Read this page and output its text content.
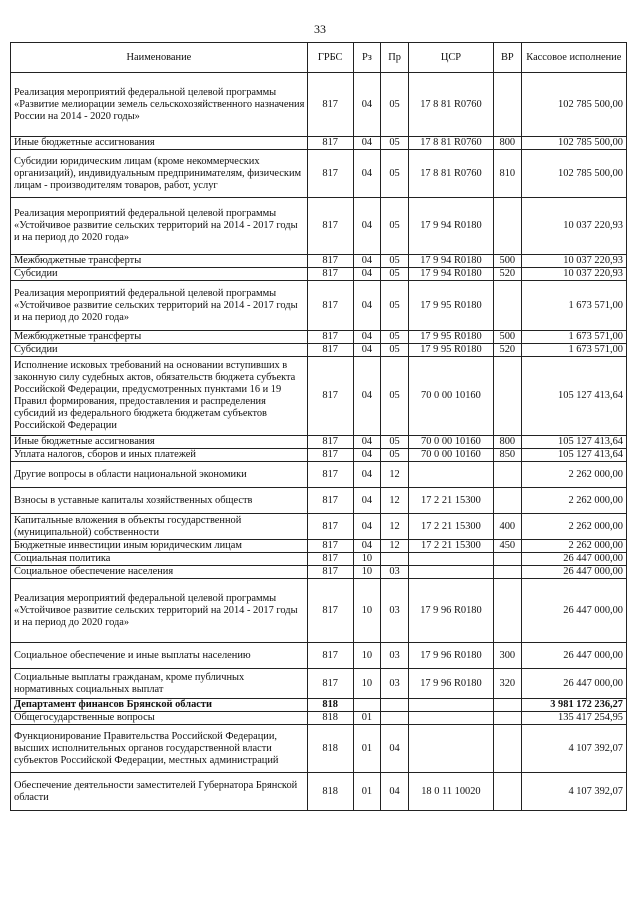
33
Наименование	ГРБС	Рз	Пр	ЦСР	ВР	Кассовое исполнение
Реализация мероприятий федеральной целевой программы «Развитие мелиорации земель сельскохозяйственного назначения России на 2014 - 2020 годы»	817	04	05	17 8 81 R0760		102 785 500,00
Иные бюджетные ассигнования	817	04	05	17 8 81 R0760	800	102 785 500,00
Субсидии юридическим лицам (кроме некоммерческих организаций), индивидуальным предпринимателям, физическим лицам - производителям товаров, работ, услуг	817	04	05	17 8 81 R0760	810	102 785 500,00
Реализация мероприятий федеральной целевой программы «Устойчивое развитие сельских территорий на 2014 - 2017 годы и на период до 2020 года»	817	04	05	17 9 94 R0180		10 037 220,93
Межбюджетные трансферты	817	04	05	17 9 94 R0180	500	10 037 220,93
Субсидии	817	04	05	17 9 94 R0180	520	10 037 220,93
Реализация мероприятий федеральной целевой программы «Устойчивое развитие сельских территорий на 2014 - 2017 годы и на период до 2020 года»	817	04	05	17 9 95 R0180		1 673 571,00
Межбюджетные трансферты	817	04	05	17 9 95 R0180	500	1 673 571,00
Субсидии	817	04	05	17 9 95 R0180	520	1 673 571,00
Исполнение исковых требований на основании вступивших в законную силу судебных актов, обязательств бюджета субъекта Российской Федерации, предусмотренных пунктами 16 и 19 Правил формирования, предоставления и распределения субсидий из федерального бюджета бюджетам субъектов Российской Федерации	817	04	05	70 0 00 10160		105 127 413,64
Иные бюджетные ассигнования	817	04	05	70 0 00 10160	800	105 127 413,64
Уплата налогов, сборов и иных платежей	817	04	05	70 0 00 10160	850	105 127 413,64
Другие вопросы в области национальной экономики	817	04	12			2 262 000,00
Взносы в уставные капиталы хозяйственных обществ	817	04	12	17 2 21 15300		2 262 000,00
Капитальные вложения в объекты государственной (муниципальной) собственности	817	04	12	17 2 21 15300	400	2 262 000,00
Бюджетные инвестиции иным юридическим лицам	817	04	12	17 2 21 15300	450	2 262 000,00
Социальная политика	817	10				26 447 000,00
Социальное обеспечение населения	817	10	03			26 447 000,00
Реализация мероприятий федеральной целевой программы «Устойчивое развитие сельских территорий на 2014 - 2017 годы и на период до 2020 года»	817	10	03	17 9 96 R0180		26 447 000,00
Социальное обеспечение и иные выплаты населению	817	10	03	17 9 96 R0180	300	26 447 000,00
Социальные выплаты гражданам, кроме публичных нормативных социальных выплат	817	10	03	17 9 96 R0180	320	26 447 000,00
Департамент финансов Брянской области	818					3 981 172 236,27
Общегосударственные вопросы	818	01				135 417 254,95
Функционирование Правительства Российской Федерации, высших исполнительных органов государственной власти субъектов Российской Федерации, местных администраций	818	01	04			4 107 392,07
Обеспечение деятельности заместителей Губернатора Брянской области	818	01	04	18 0 11 10020		4 107 392,07
